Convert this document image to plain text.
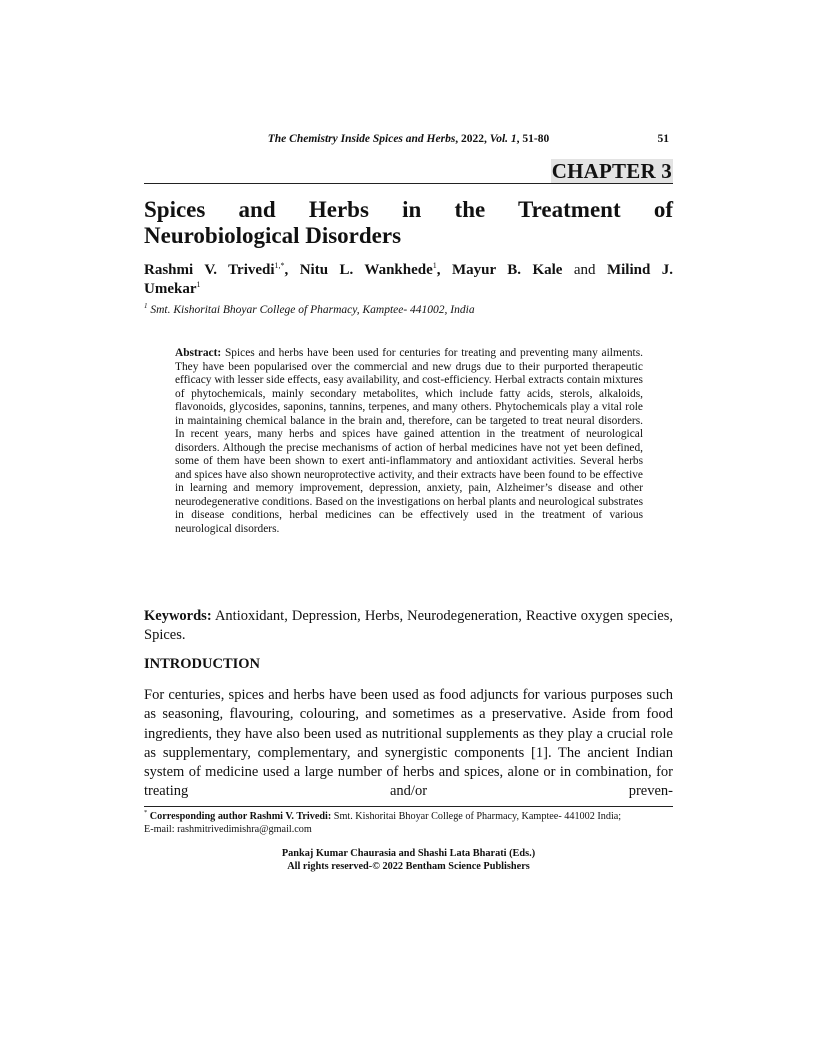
The Chemistry Inside Spices and Herbs, 2022, Vol. 1, 51-80	51
CHAPTER 3
Spices and Herbs in the Treatment of
Neurobiological Disorders
Rashmi V. Trivedi$^{1,*}$, Nitu L. Wankhede$^1$, Mayur B. Kale and Milind J.
Umekar$^1$
$^1$ Smt. Kishoritai Bhoyar College of Pharmacy, Kamptee- 441002, India
Abstract: Spices and herbs have been used for centuries for treating and preventing many ailments. They have been popularised over the commercial and new drugs due to their purported therapeutic efficacy with lesser side effects, easy availability, and cost-efficiency. Herbal extracts contain mixtures of phytochemicals, mainly secondary metabolites, which include fatty acids, sterols, alkaloids, flavonoids, glycosides, saponins, tannins, terpenes, and many others. Phytochemicals play a vital role in maintaining chemical balance in the brain and, therefore, can be targeted to treat neural disorders. In recent years, many herbs and spices have gained attention in the treatment of neurological disorders. Although the precise mechanisms of action of herbal medicines have not yet been defined, some of them have been shown to exert anti-inflammatory and antioxidant activities. Several herbs and spices have also shown neuroprotective activity, and their extracts have been found to be effective in learning and memory improvement, depression, anxiety, pain, Alzheimer’s disease and other neurodegenerative conditions. Based on the investigations on herbal plants and neurological substrates in disease conditions, herbal medicines can be effectively used in the treatment of various neurological disorders.
Keywords: Antioxidant, Depression, Herbs, Neurodegeneration, Reactive oxygen species, Spices.
INTRODUCTION
For centuries, spices and herbs have been used as food adjuncts for various purposes such as seasoning, flavouring, colouring, and sometimes as a preservative. Aside from food ingredients, they have also been used as nutritional supplements as they play a crucial role as supplementary, complementary, and synergistic components [1]. The ancient Indian system of medicine used a large number of herbs and spices, alone or in combination, for treating and/or preven-
* Corresponding author Rashmi V. Trivedi: Smt. Kishoritai Bhoyar College of Pharmacy, Kamptee- 441002 India;
E-mail: rashmitrivedimishra@gmail.com
Pankaj Kumar Chaurasia and Shashi Lata Bharati (Eds.)
All rights reserved-© 2022 Bentham Science Publishers
